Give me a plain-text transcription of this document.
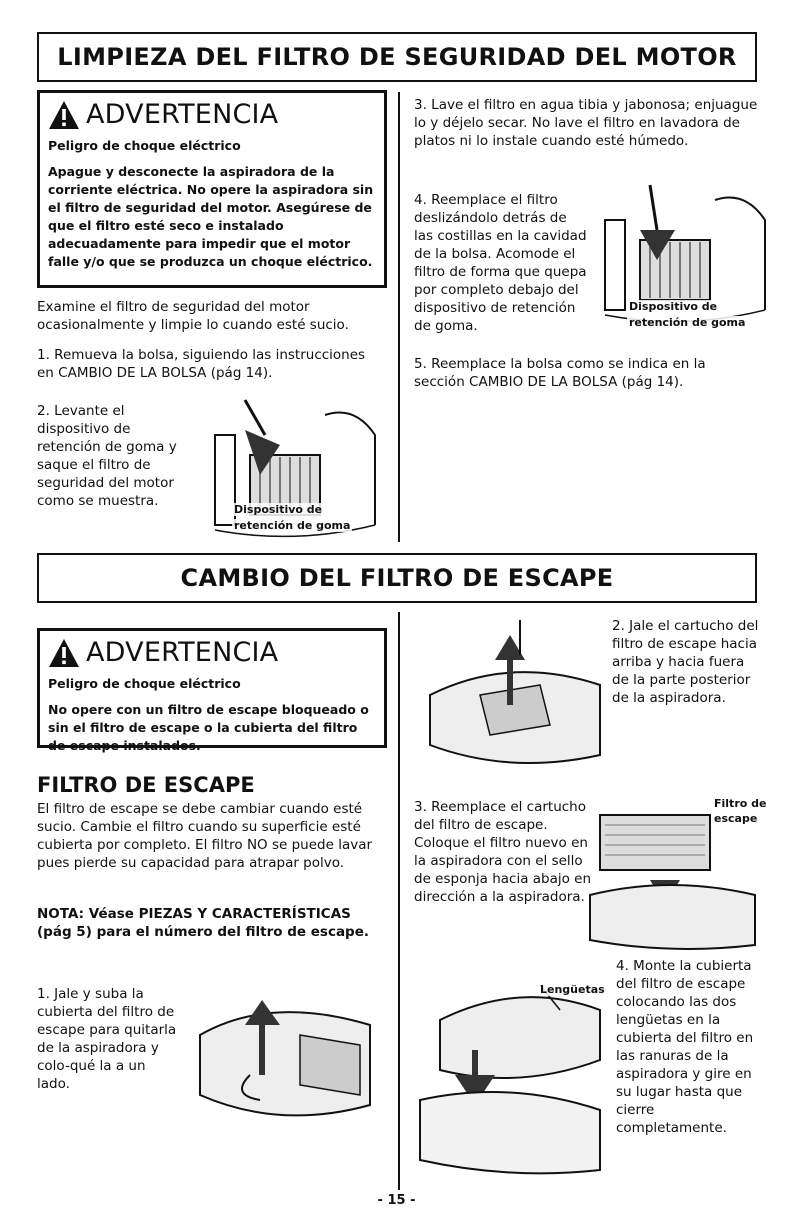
LIMPIEZA DEL FILTRO DE SEGURIDAD DEL MOTOR
ADVERTENCIA
Peligro de choque eléctrico
Apague y desconecte la aspiradora de la corriente eléctrica. No opere la aspiradora sin el filtro de seguridad del motor. Asegúrese de que el filtro esté seco e instalado adecuadamente para impedir que el motor falle y/o que se produzca un choque eléctrico.
Examine el filtro de seguridad del motor ocasionalmente y limpie lo cuando esté sucio.
1. Remueva la bolsa, siguiendo las instrucciones en CAMBIO DE LA BOLSA (pág 14).
2. Levante el dispositivo de retención de goma y saque el filtro de seguridad del motor como se muestra.
Dispositivo de
retención de goma
3. Lave el filtro en agua tibia y jabonosa; enjuague lo y déjelo secar. No lave el filtro en lavadora de platos ni lo instale cuando esté húmedo.
4. Reemplace el filtro deslizándolo detrás de las costillas en la cavidad de la bolsa. Acomode el filtro de forma que quepa por completo debajo del dispositivo de retención de goma.
Dispositivo de
retención de goma
5. Reemplace la bolsa como se indica en la sección CAMBIO DE LA BOLSA (pág 14).
CAMBIO DEL FILTRO DE ESCAPE
ADVERTENCIA
Peligro de choque eléctrico
No opere con un filtro de escape bloqueado o sin el filtro de escape o la cubierta del filtro de escape instalados.
FILTRO DE ESCAPE
El filtro de escape se debe cambiar cuando esté sucio. Cambie el filtro cuando su superficie esté cubierta por completo. El filtro NO se puede lavar pues pierde su capacidad para atrapar polvo.
NOTA: Véase PIEZAS Y CARACTERÍSTICAS (pág 5) para el número del filtro de escape.
1. Jale y suba la cubierta del filtro de escape para quitarla de la aspiradora y colo-qué la a un lado.
2. Jale el cartucho del filtro de escape hacia arriba y hacia fuera de la parte posterior de la aspiradora.
3. Reemplace el cartucho del filtro de escape. Coloque el filtro nuevo en la aspiradora con el sello de esponja hacia abajo en dirección a la aspiradora.
Filtro de
escape
Lengüetas
4. Monte la cubierta del filtro de escape colocando las dos lengüetas en la cubierta del filtro en las ranuras de la aspiradora y gire en su lugar hasta que cierre completamente.
- 15 -
